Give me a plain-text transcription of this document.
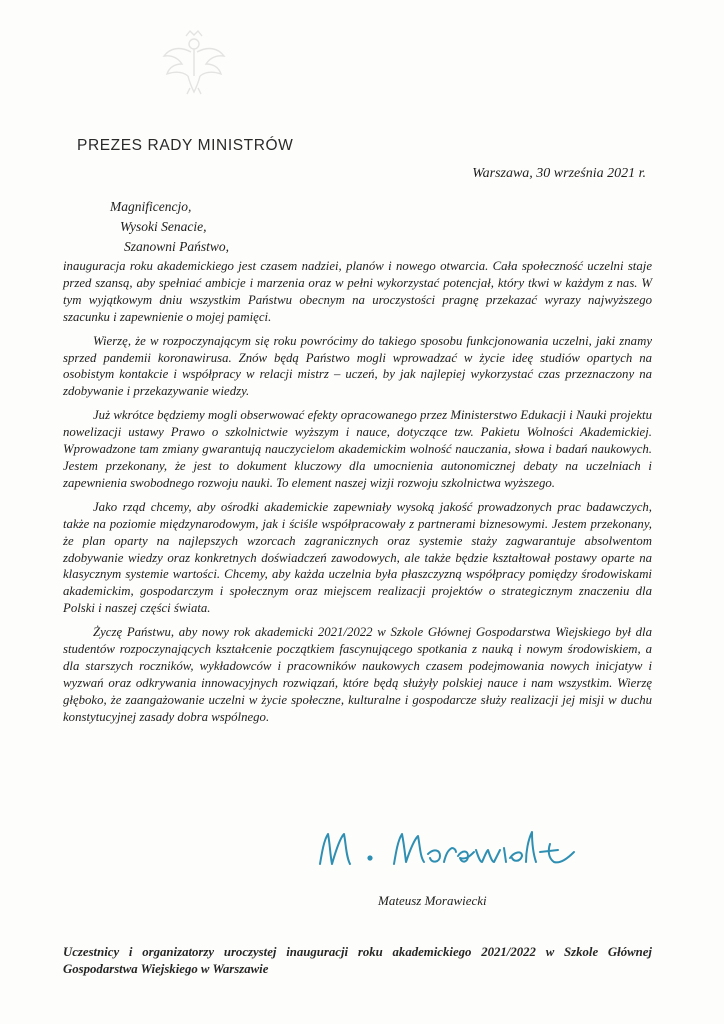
PREZES RADY MINISTRÓW
Warszawa, 30 września 2021 r.
Magnificencjo,
Wysoki Senacie,
Szanowni Państwo,

inauguracja roku akademickiego jest czasem nadziei, planów i nowego otwarcia. Cała społeczność uczelni staje przed szansą, aby spełniać ambicje i marzenia oraz w pełni wykorzystać potencjał, który tkwi w każdym z nas. W tym wyjątkowym dniu wszystkim Państwu obecnym na uroczystości pragnę przekazać wyrazy najwyższego szacunku i zapewnienie o mojej pamięci.

Wierzę, że w rozpoczynającym się roku powrócimy do takiego sposobu funkcjonowania uczelni, jaki znamy sprzed pandemii koronawirusa. Znów będą Państwo mogli wprowadzać w życie ideę studiów opartych na osobistym kontakcie i współpracy w relacji mistrz – uczeń, by jak najlepiej wykorzystać czas przeznaczony na zdobywanie i przekazywanie wiedzy.

Już wkrótce będziemy mogli obserwować efekty opracowanego przez Ministerstwo Edukacji i Nauki projektu nowelizacji ustawy Prawo o szkolnictwie wyższym i nauce, dotyczące tzw. Pakietu Wolności Akademickiej. Wprowadzone tam zmiany gwarantują nauczycielom akademickim wolność nauczania, słowa i badań naukowych. Jestem przekonany, że jest to dokument kluczowy dla umocnienia autonomicznej debaty na uczelniach i zapewnienia swobodnego rozwoju nauki. To element naszej wizji rozwoju szkolnictwa wyższego.

Jako rząd chcemy, aby ośrodki akademickie zapewniały wysoką jakość prowadzonych prac badawczych, także na poziomie międzynarodowym, jak i ściśle współpracowały z partnerami biznesowymi. Jestem przekonany, że plan oparty na najlepszych wzorcach zagranicznych oraz systemie staży zagwarantuje absolwentom zdobywanie wiedzy oraz konkretnych doświadczeń zawodowych, ale także będzie kształtował postawy oparte na klasycznym systemie wartości. Chcemy, aby każda uczelnia była płaszczyzną współpracy pomiędzy środowiskami akademickim, gospodarczym i społecznym oraz miejscem realizacji projektów o strategicznym znaczeniu dla Polski i naszej części świata.

Życzę Państwu, aby nowy rok akademicki 2021/2022 w Szkole Głównej Gospodarstwa Wiejskiego był dla studentów rozpoczynających kształcenie początkiem fascynującego spotkania z nauką i nowym środowiskiem, a dla starszych roczników, wykładowców i pracowników naukowych czasem podejmowania nowych inicjatyw i wyzwań oraz odkrywania innowacyjnych rozwiązań, które będą służyły polskiej nauce i nam wszystkim. Wierzę głęboko, że zaangażowanie uczelni w życie społeczne, kulturalne i gospodarcze służy realizacji jej misji w duchu konstytucyjnej zasady dobra wspólnego.

Mateusz Morawiecki
Uczestnicy i organizatorzy uroczystej inauguracji roku akademickiego 2021/2022 w Szkole Głównej Gospodarstwa Wiejskiego w Warszawie
